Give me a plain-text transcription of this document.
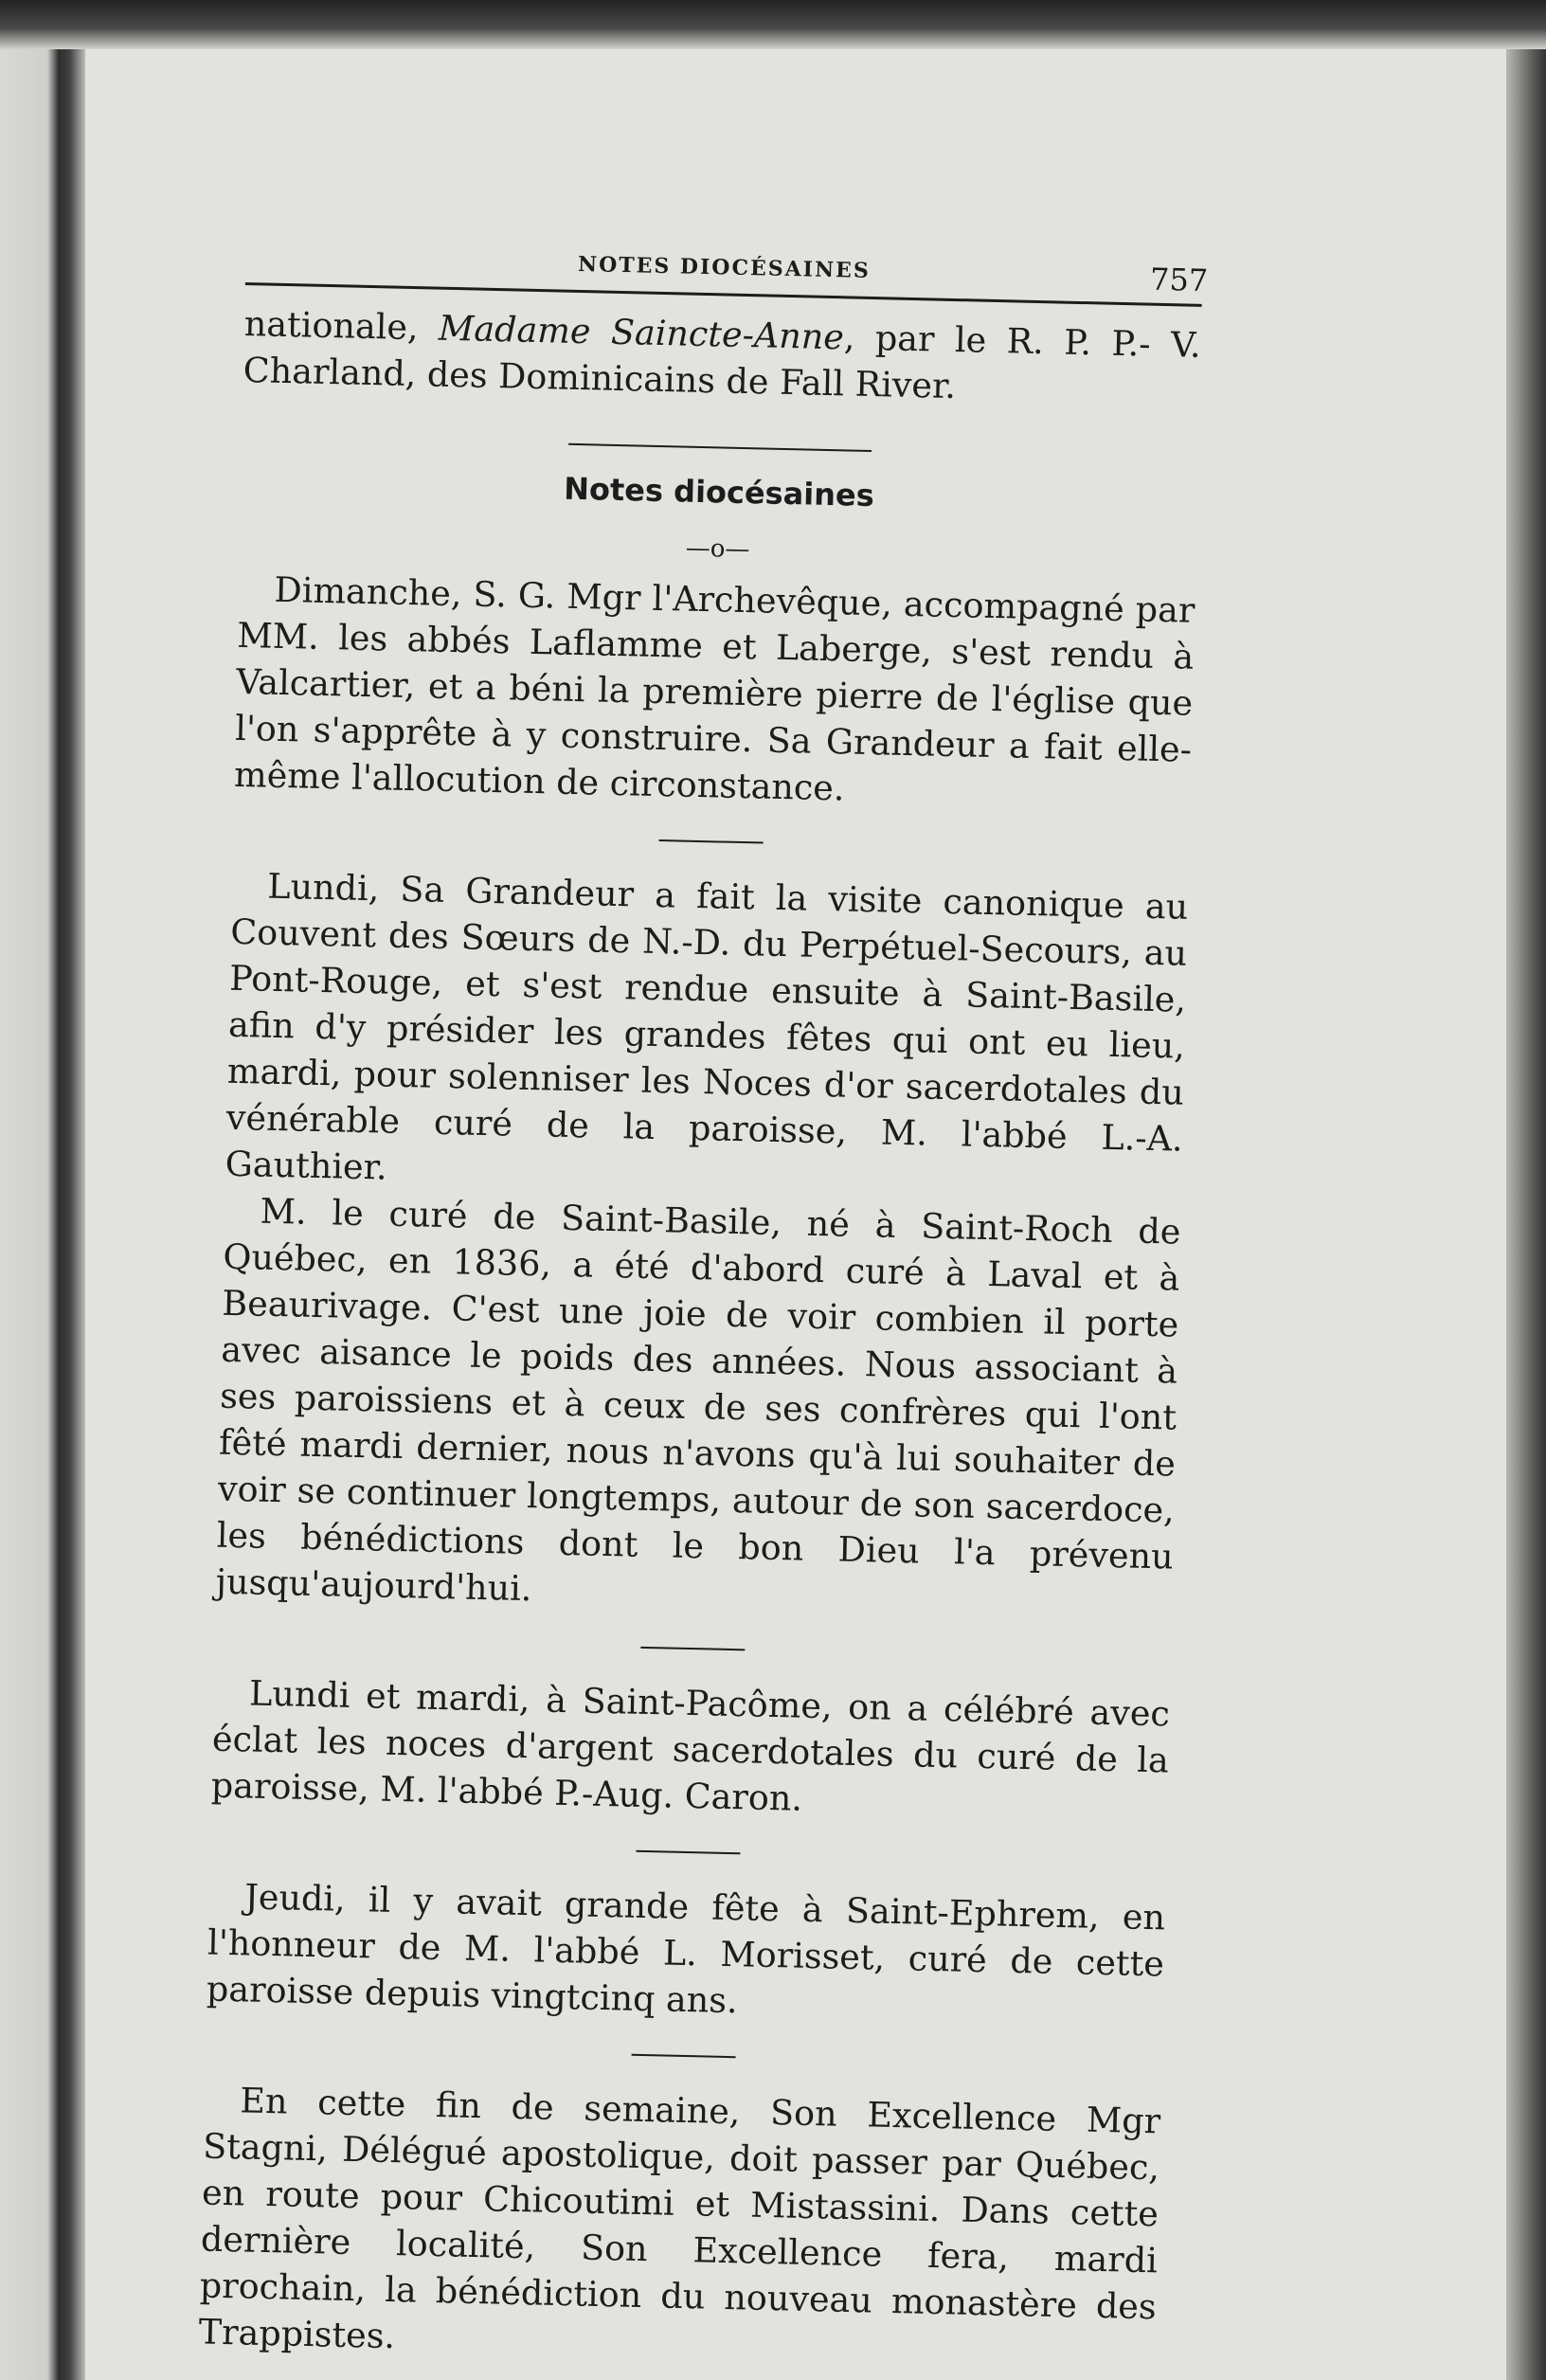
NOTES DIOCÉSAINES	757

nationale, Madame Saincte-Anne, par le R. P. P.- V. Charland, des Dominicains de Fall River.

Notes diocésaines
—o—

Dimanche, S. G. Mgr l'Archevêque, accompagné par MM. les abbés Laflamme et Laberge, s'est rendu à Valcartier, et a béni la première pierre de l'église que l'on s'apprête à y construire. Sa Grandeur a fait elle-même l'allocution de circonstance.

Lundi, Sa Grandeur a fait la visite canonique au Couvent des Sœurs de N.-D. du Perpétuel-Secours, au Pont-Rouge, et s'est rendue ensuite à Saint-Basile, afin d'y présider les grandes fêtes qui ont eu lieu, mardi, pour solenniser les Noces d'or sacerdotales du vénérable curé de la paroisse, M. l'abbé L.-A. Gauthier.

M. le curé de Saint-Basile, né à Saint-Roch de Québec, en 1836, a été d'abord curé à Laval et à Beaurivage. C'est une joie de voir combien il porte avec aisance le poids des années. Nous associant à ses paroissiens et à ceux de ses confrères qui l'ont fêté mardi dernier, nous n'avons qu'à lui souhaiter de voir se continuer longtemps, autour de son sacerdoce, les bénédictions dont le bon Dieu l'a prévenu jusqu'aujourd'hui.

Lundi et mardi, à Saint-Pacôme, on a célébré avec éclat les noces d'argent sacerdotales du curé de la paroisse, M. l'abbé P.-Aug. Caron.

Jeudi, il y avait grande fête à Saint-Ephrem, en l'honneur de M. l'abbé L. Morisset, curé de cette paroisse depuis vingtcinq ans.

En cette fin de semaine, Son Excellence Mgr Stagni, Délégué apostolique, doit passer par Québec, en route pour Chicoutimi et Mistassini. Dans cette dernière localité, Son Excellence fera, mardi prochain, la bénédiction du nouveau monastère des Trappistes.
